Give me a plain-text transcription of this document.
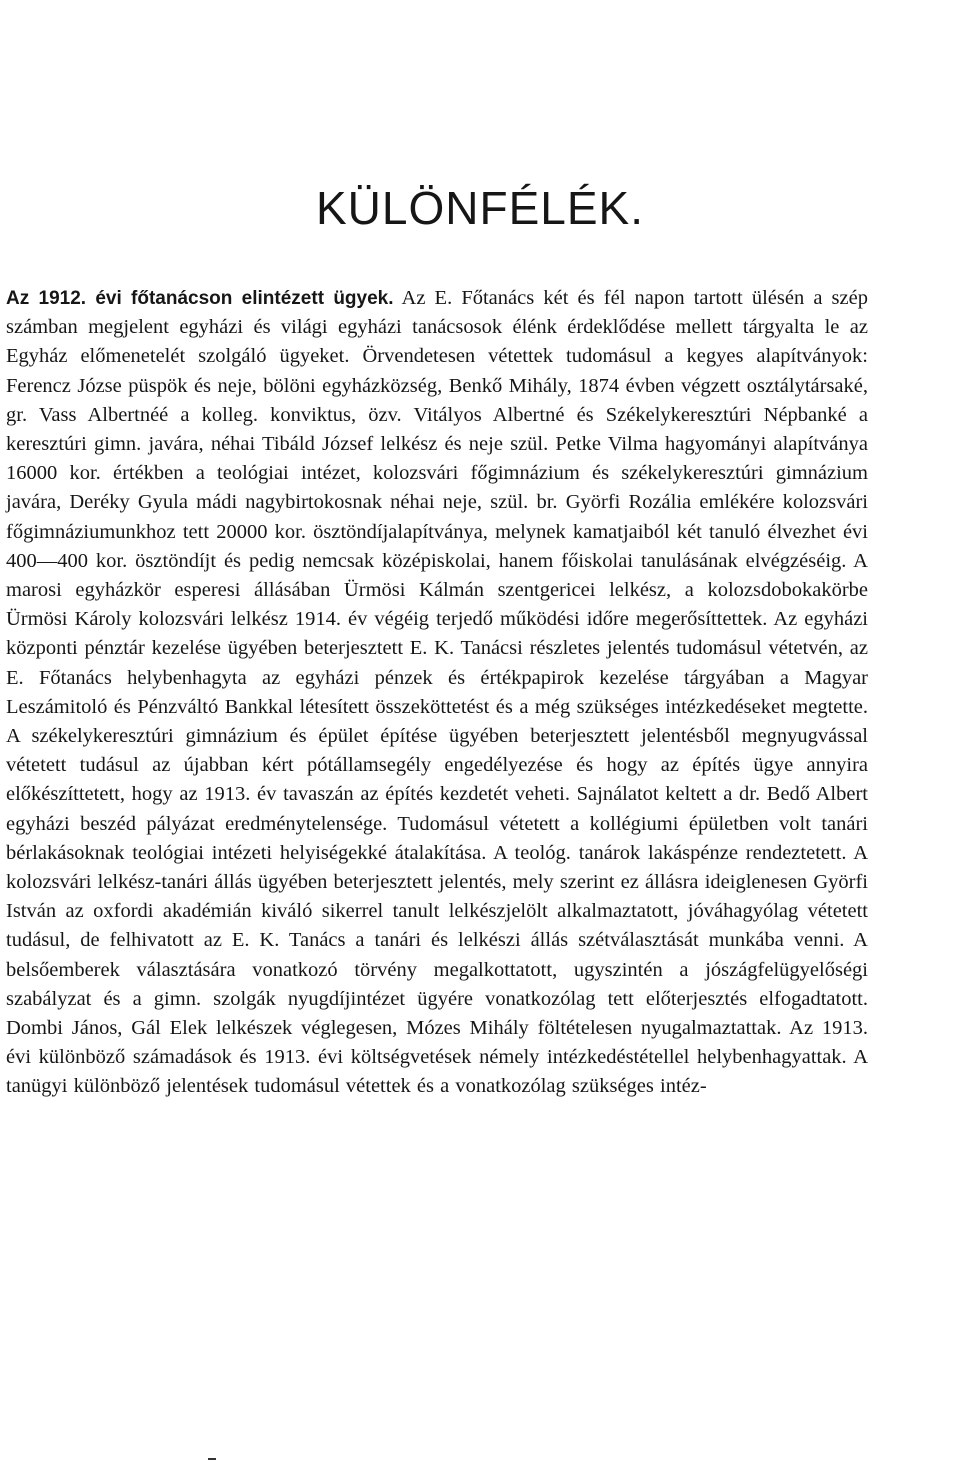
KÜLÖNFÉLÉK.

Az 1912. évi főtanácson elintézett ügyek. Az E. Főtanács két és fél napon tartott ülésén a szép számban megjelent egyházi és világi egyházi tanácsosok élénk érdeklődése mellett tárgyalta le az Egyház előmenetelét szolgáló ügyeket. Örvendetesen vétettek tudomásul a kegyes alapítványok: Ferencz Józse püspök és neje, bölöni egyházközség, Benkő Mihály, 1874 évben végzett osztálytársaké, gr. Vass Albertnéé a kolleg. konviktus, özv. Vitályos Albertné és Székelykeresztúri Népbanké a keresztúri gimn. javára, néhai Tibáld József lelkész és neje szül. Petke Vilma hagyományi alapítványa 16000 kor. értékben a teológiai intézet, kolozsvári főgimnázium és székelykeresztúri gimnázium javára, Deréky Gyula mádi nagybirtokosnak néhai neje, szül. br. Györfi Rozália emlékére kolozsvári főgimnáziumunkhoz tett 20000 kor. ösztöndíjalapítványa, melynek kamatjaiból két tanuló élvezhet évi 400—400 kor. ösztöndíjt és pedig nemcsak középiskolai, hanem főiskolai tanulásának elvégzéséig. A marosi egyházkör esperesi állásában Ürmösi Kálmán szentgericei lelkész, a kolozsdobokakörbe Ürmösi Károly kolozsvári lelkész 1914. év végéig terjedő működési időre megerősíttettek. Az egyházi központi pénztár kezelése ügyében beterjesztett E. K. Tanácsi részletes jelentés tudomásul vétetvén, az E. Főtanács helybenhagyta az egyházi pénzek és értékpapirok kezelése tárgyában a Magyar Leszámitoló és Pénzváltó Bankkal létesített összeköttetést és a még szükséges intézkedéseket megtette. A székelykeresztúri gimnázium és épület építése ügyében beterjesztett jelentésből megnyugvással vétetett tudásul az újabban kért pótállamsegély engedélyezése és hogy az építés ügye annyira előkészíttetett, hogy az 1913. év tavaszán az építés kezdetét veheti. Sajnálatot keltett a dr. Bedő Albert egyházi beszéd pályázat eredménytelensége. Tudomásul vétetett a kollégiumi épületben volt tanári bérlakásoknak teológiai intézeti helyiségekké átalakítása. A teológ. tanárok lakáspénze rendeztetett. A kolozsvári lelkész-tanári állás ügyében beterjesztett jelentés, mely szerint ez állásra ideiglenesen Györfi István az oxfordi akadémián kiváló sikerrel tanult lelkészjelölt alkalmaztatott, jóváhagyólag vétetett tudásul, de felhivatott az E. K. Tanács a tanári és lelkészi állás szétválasztását munkába venni. A belsőemberek választására vonatkozó törvény megalkottatott, ugyszintén a jószágfelügyelőségi szabályzat és a gimn. szolgák nyugdíjintézet ügyére vonatkozólag tett előterjesztés elfogadtatott. Dombi János, Gál Elek lelkészek véglegesen, Mózes Mihály föltételesen nyugalmaztattak. Az 1913. évi különböző számadások és 1913. évi költségvetések némely intézkedéstétellel helybenhagyattak. A tanügyi különböző jelentések tudomásul vétettek és a vonatkozólag szükséges intéz-
